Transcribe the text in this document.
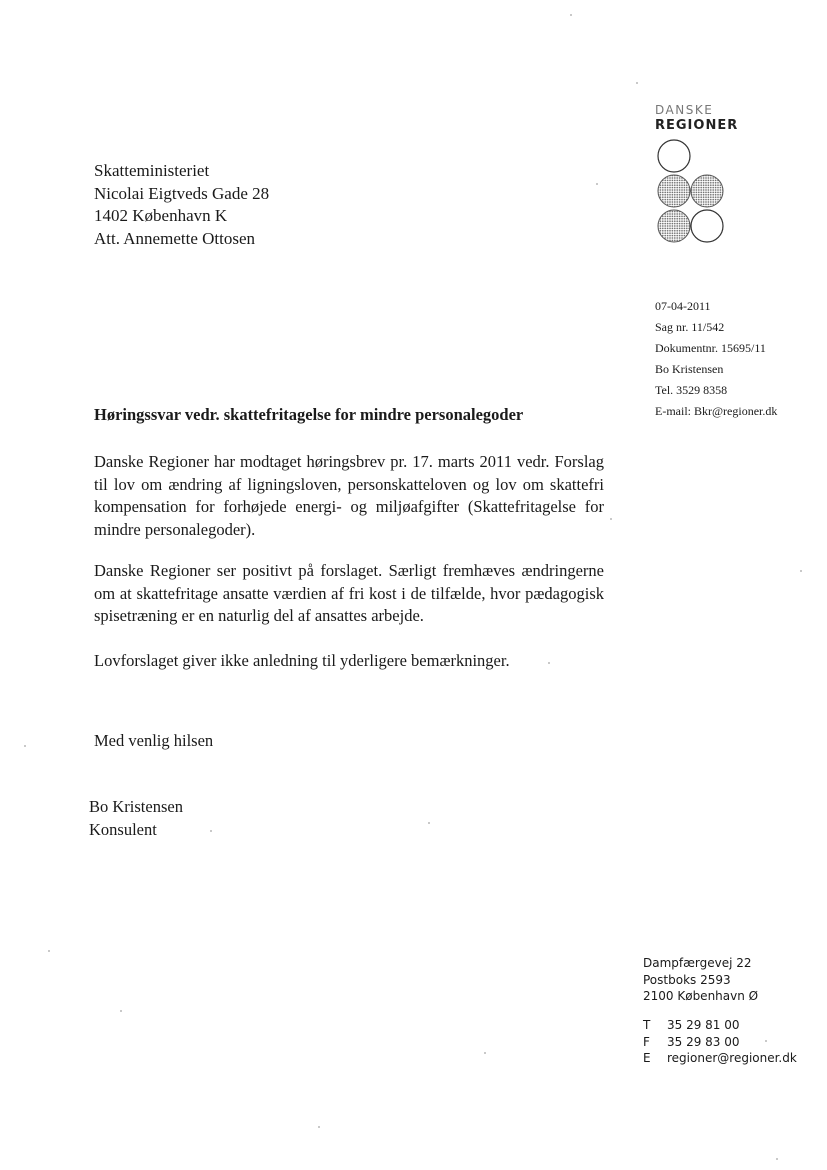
DANSKE
REGIONER
Skatteministeriet
Nicolai Eigtveds Gade 28
1402 København K
Att. Annemette Ottosen
07-04-2011
Sag nr. 11/542
Dokumentnr. 15695/11
Bo Kristensen
Tel. 3529 8358
E-mail: Bkr@regioner.dk
Høringssvar vedr. skattefritagelse for mindre personalegoder
Danske Regioner har modtaget høringsbrev pr. 17. marts 2011 vedr. Forslag til lov om ændring af ligningsloven, personskatteloven og lov om skattefri kompensation for forhøjede energi- og miljøafgifter (Skattefritagelse for mindre personalegoder).
Danske Regioner ser positivt på forslaget. Særligt fremhæves ændringerne om at skattefritage ansatte værdien af fri kost i de tilfælde, hvor pædagogisk spisetræning er en naturlig del af ansattes arbejde.
Lovforslaget giver ikke anledning til yderligere bemærkninger.
Med venlig hilsen
Bo Kristensen
Konsulent
Dampfærgevej 22
Postboks 2593
2100 København Ø
T 35 29 81 00
F 35 29 83 00
E regioner@regioner.dk
